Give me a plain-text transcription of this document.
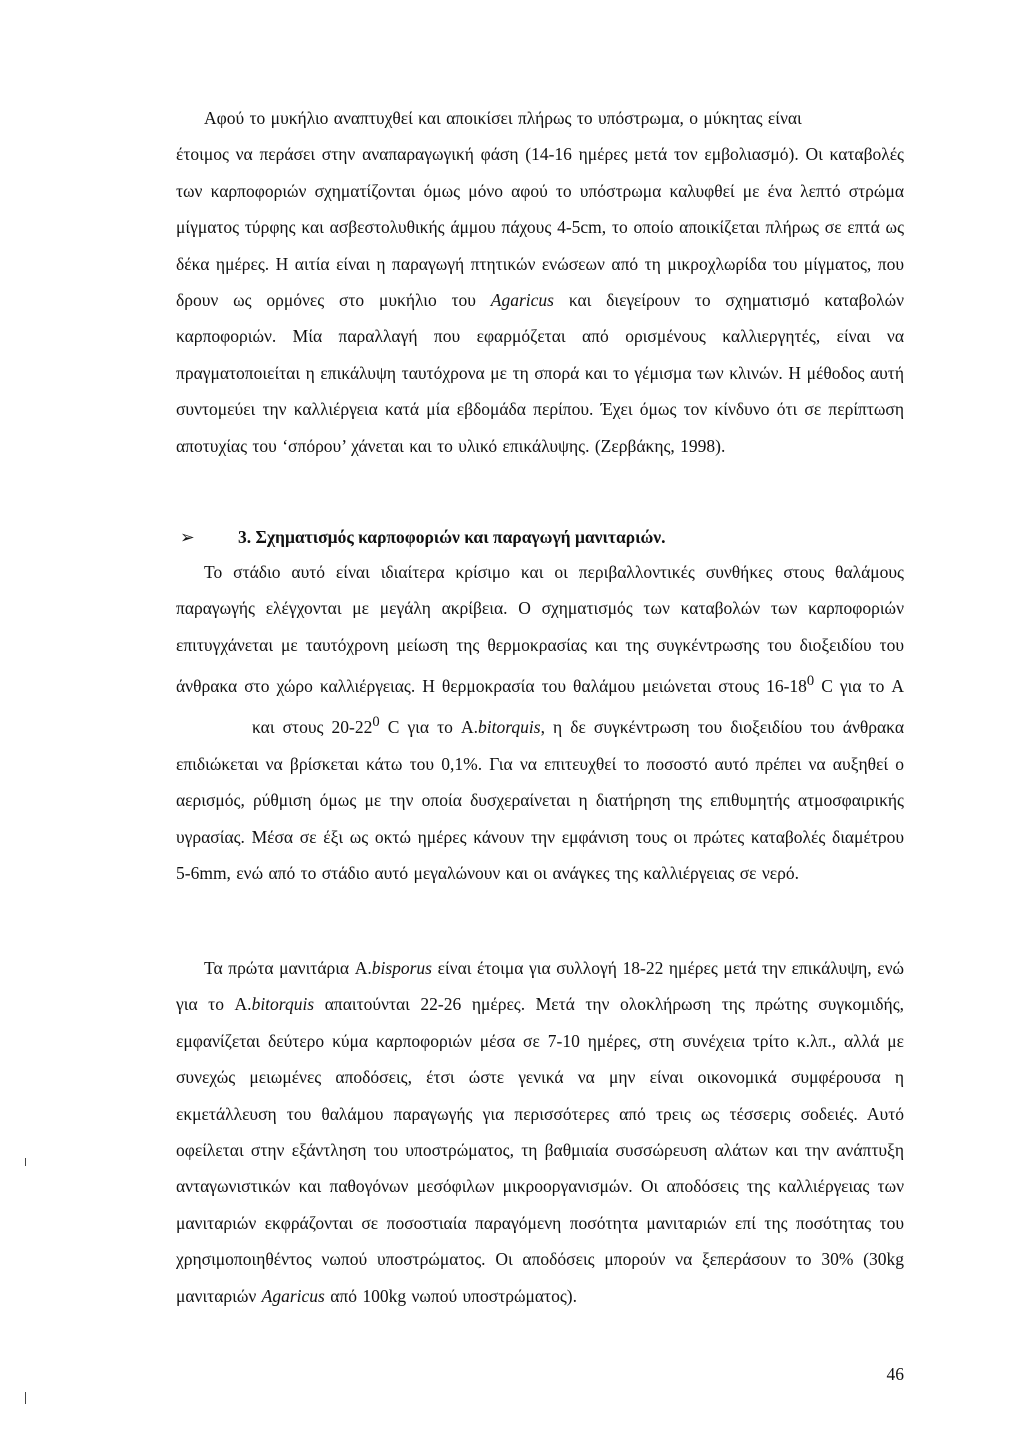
Αφού το μυκήλιο αναπτυχθεί και αποικίσει πλήρως το υπόστρωμα, ο μύκητας είναι
έτοιμος να περάσει στην αναπαραγωγική φάση (14-16 ημέρες μετά τον εμβολιασμό). Οι καταβολές των καρποφοριών σχηματίζονται όμως μόνο αφού το υπόστρωμα καλυφθεί με ένα λεπτό στρώμα μίγματος τύρφης και ασβεστολυθικής άμμου πάχους 4-5cm, το οποίο αποικίζεται πλήρως σε επτά ως δέκα ημέρες. Η αιτία είναι η παραγωγή πτητικών ενώσεων από τη μικροχλωρίδα του μίγματος, που δρουν ως ορμόνες στο μυκήλιο του Agaricus και διεγείρουν το σχηματισμό καταβολών καρποφοριών. Μία παραλλαγή που εφαρμόζεται από ορισμένους καλλιεργητές, είναι να πραγματοποιείται η επικάλυψη ταυτόχρονα με τη σπορά και το γέμισμα των κλινών. Η μέθοδος αυτή συντομεύει την καλλιέργεια κατά μία εβδομάδα περίπου. Έχει όμως τον κίνδυνο ότι σε περίπτωση αποτυχίας του ‘σπόρου’ χάνεται και το υλικό επικάλυψης. (Ζερβάκης, 1998).
➢ 3. Σχηματισμός καρποφοριών και παραγωγή μανιταριών.
Το στάδιο αυτό είναι ιδιαίτερα κρίσιμο και οι περιβαλλοντικές συνθήκες στους θαλάμους παραγωγής ελέγχονται με μεγάλη ακρίβεια. Ο σχηματισμός των καταβολών των καρποφοριών επιτυγχάνεται με ταυτόχρονη μείωση της θερμοκρασίας και της συγκέντρωσης του διοξειδίου του άνθρακα στο χώρο καλλιέργειας. Η θερμοκρασία του θαλάμου μειώνεται στους $16-18^0$ C για το Aκαι στους $20-22^0$ C για το A.bitorquis, η δε συγκέντρωση του διοξειδίου του άνθρακα επιδιώκεται να βρίσκεται κάτω του 0,1%. Για να επιτευχθεί το ποσοστό αυτό πρέπει να αυξηθεί ο αερισμός, ρύθμιση όμως με την οποία δυσχεραίνεται η διατήρηση της επιθυμητής ατμοσφαιρικής υγρασίας. Μέσα σε έξι ως οκτώ ημέρες κάνουν την εμφάνιση τους οι πρώτες καταβολές διαμέτρου 5-6mm, ενώ από το στάδιο αυτό μεγαλώνουν και οι ανάγκες της καλλιέργειας σε νερό.
Τα πρώτα μανιτάρια A.bisporus είναι έτοιμα για συλλογή 18-22 ημέρες μετά την επικάλυψη, ενώ για το A.bitorquis απαιτούνται 22-26 ημέρες. Μετά την ολοκλήρωση της πρώτης συγκομιδής, εμφανίζεται δεύτερο κύμα καρποφοριών μέσα σε 7-10 ημέρες, στη συνέχεια τρίτο κ.λπ., αλλά με συνεχώς μειωμένες αποδόσεις, έτσι ώστε γενικά να μην είναι οικονομικά συμφέρουσα η εκμετάλλευση του θαλάμου παραγωγής για περισσότερες από τρεις ως τέσσερις σοδειές. Αυτό οφείλεται στην εξάντληση του υποστρώματος, τη βαθμιαία συσσώρευση αλάτων και την ανάπτυξη ανταγωνιστικών και παθογόνων μεσόφιλων μικροοργανισμών. Οι αποδόσεις της καλλιέργειας των μανιταριών εκφράζονται σε ποσοστιαία παραγόμενη ποσότητα μανιταριών επί της ποσότητας του χρησιμοποιηθέντος νωπού υποστρώματος. Οι αποδόσεις μπορούν να ξεπεράσουν το 30% (30kg μανιταριών Agaricus από 100kg νωπού υποστρώματος).
46
